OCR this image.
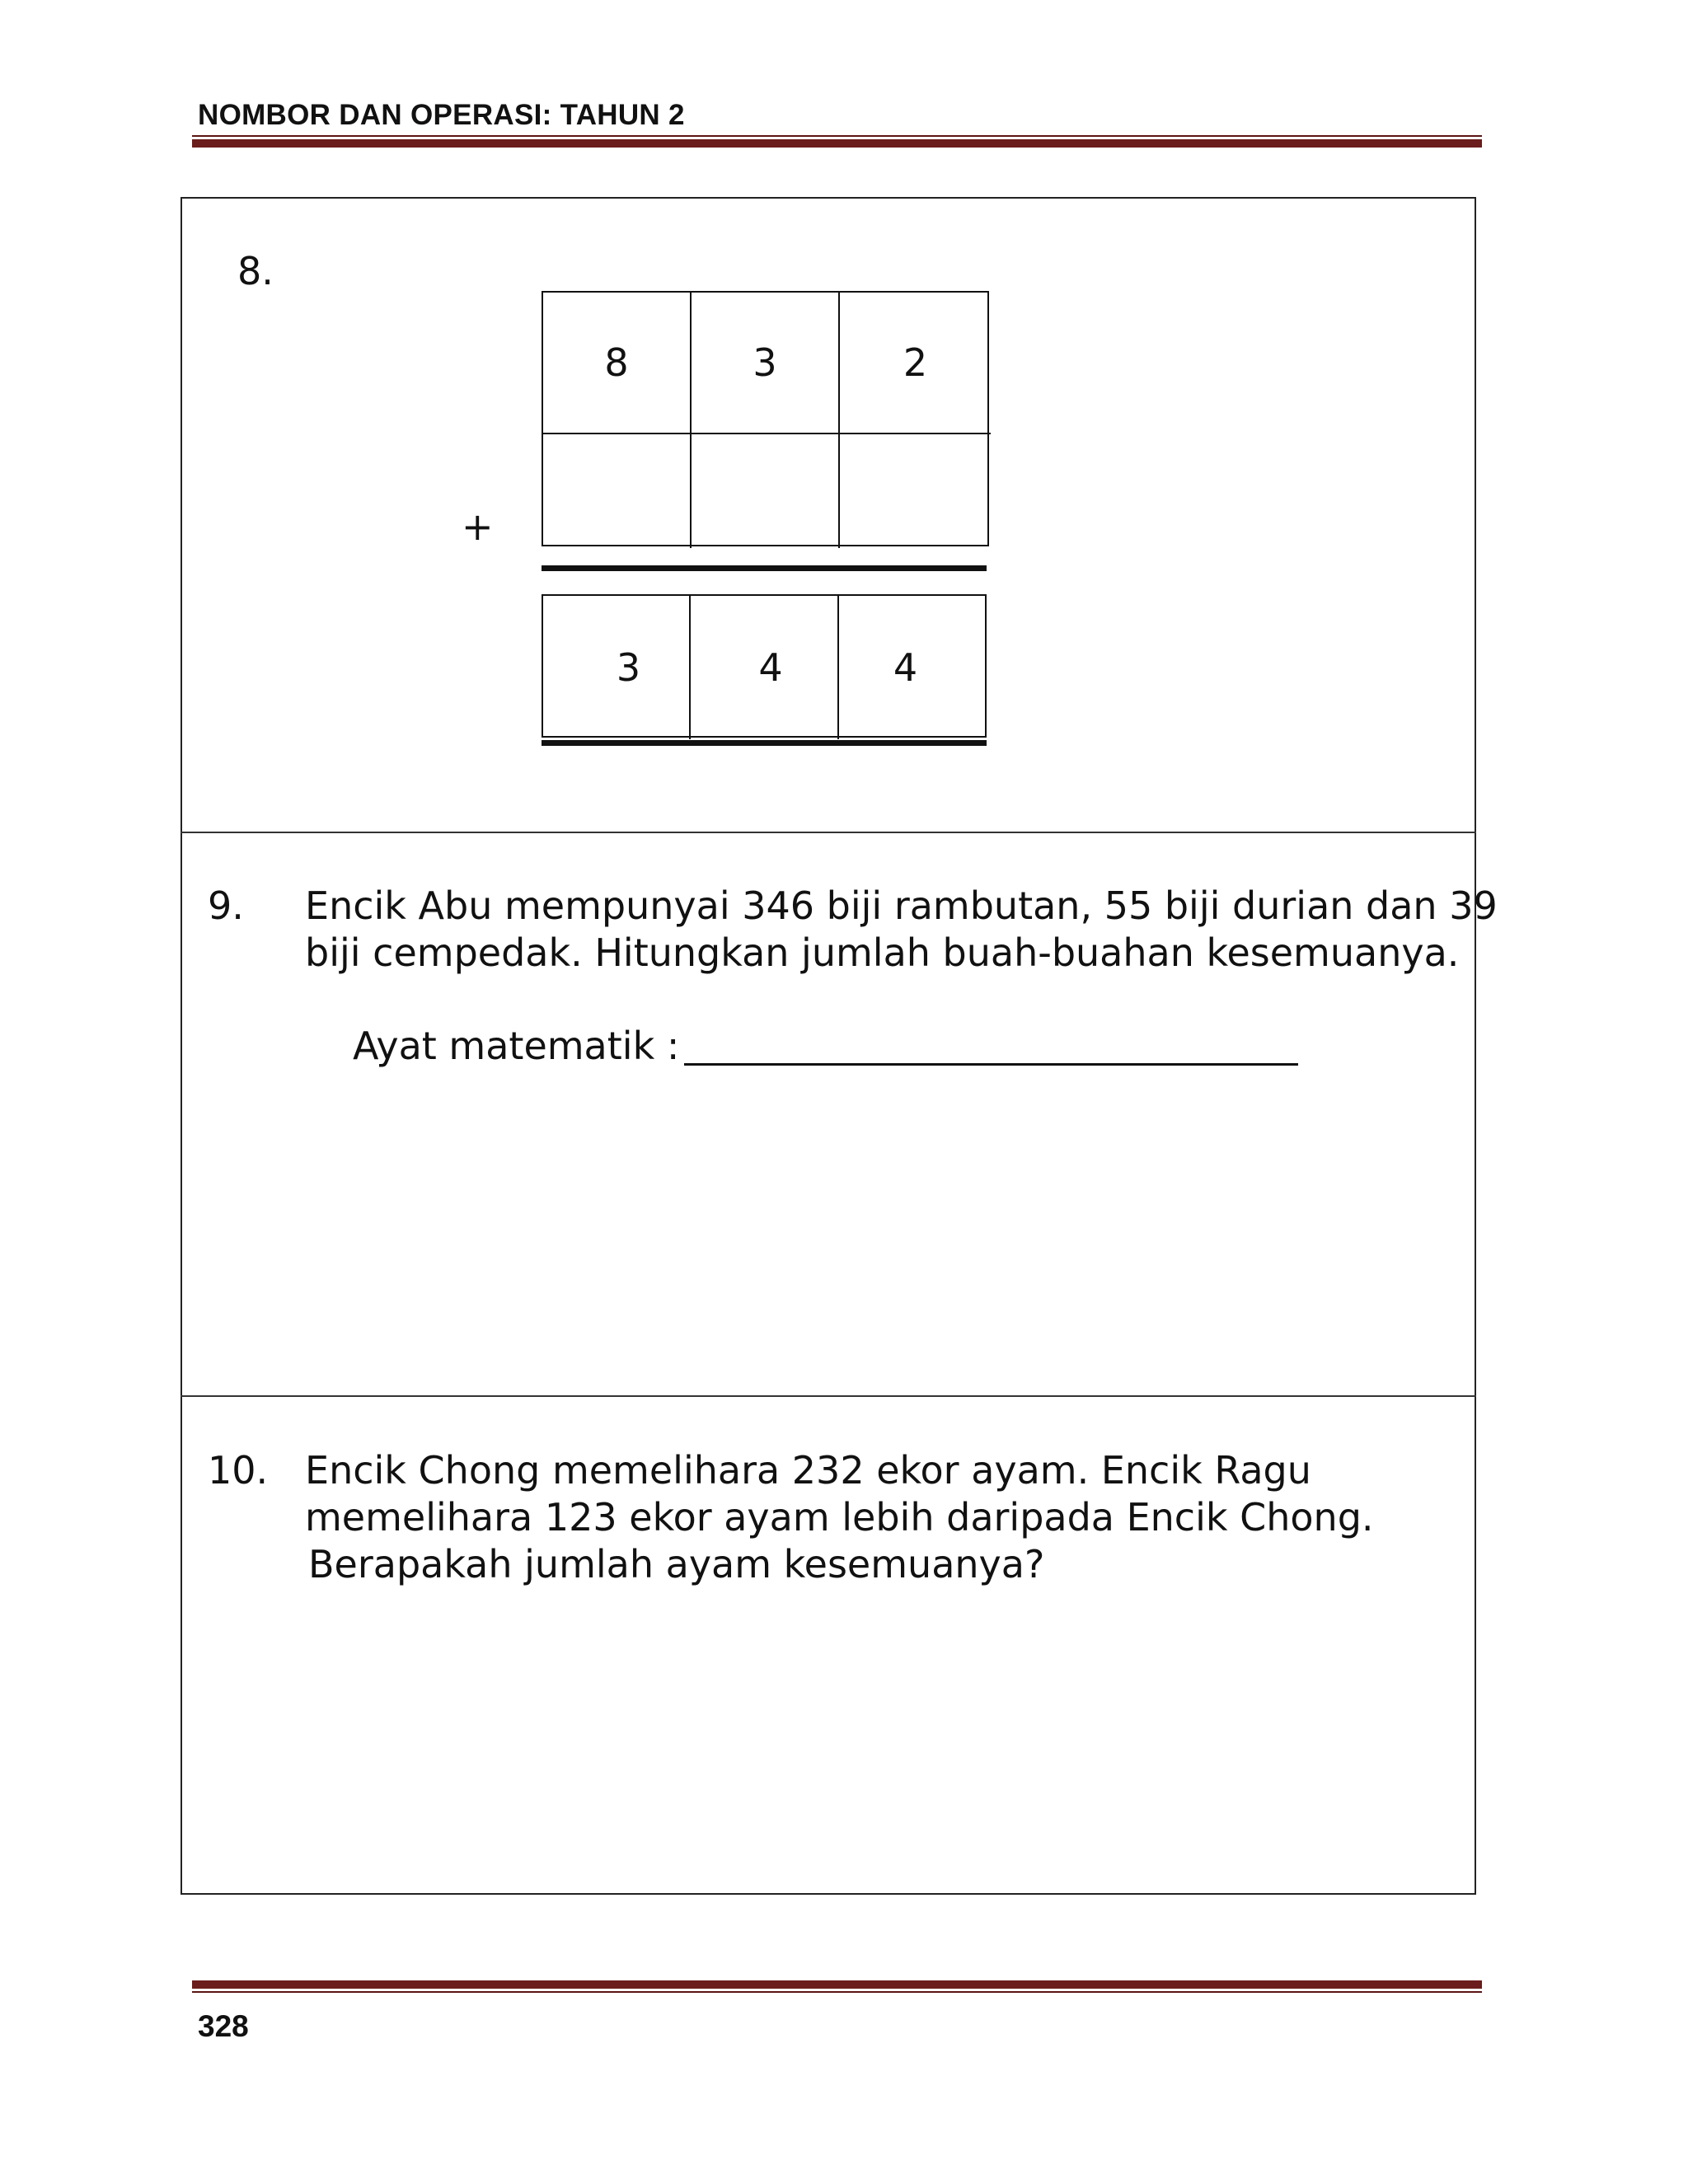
NOMBOR DAN OPERASI: TAHUN 2
8.
8	3	2
+
3	4	4
9. Encik Abu mempunyai 346 biji rambutan, 55 biji durian dan 39
biji cempedak. Hitungkan jumlah buah-buahan kesemuanya.
Ayat matematik :
10. Encik Chong memelihara 232 ekor ayam. Encik Ragu
memelihara 123 ekor ayam lebih daripada Encik Chong.
Berapakah jumlah ayam kesemuanya?
328
